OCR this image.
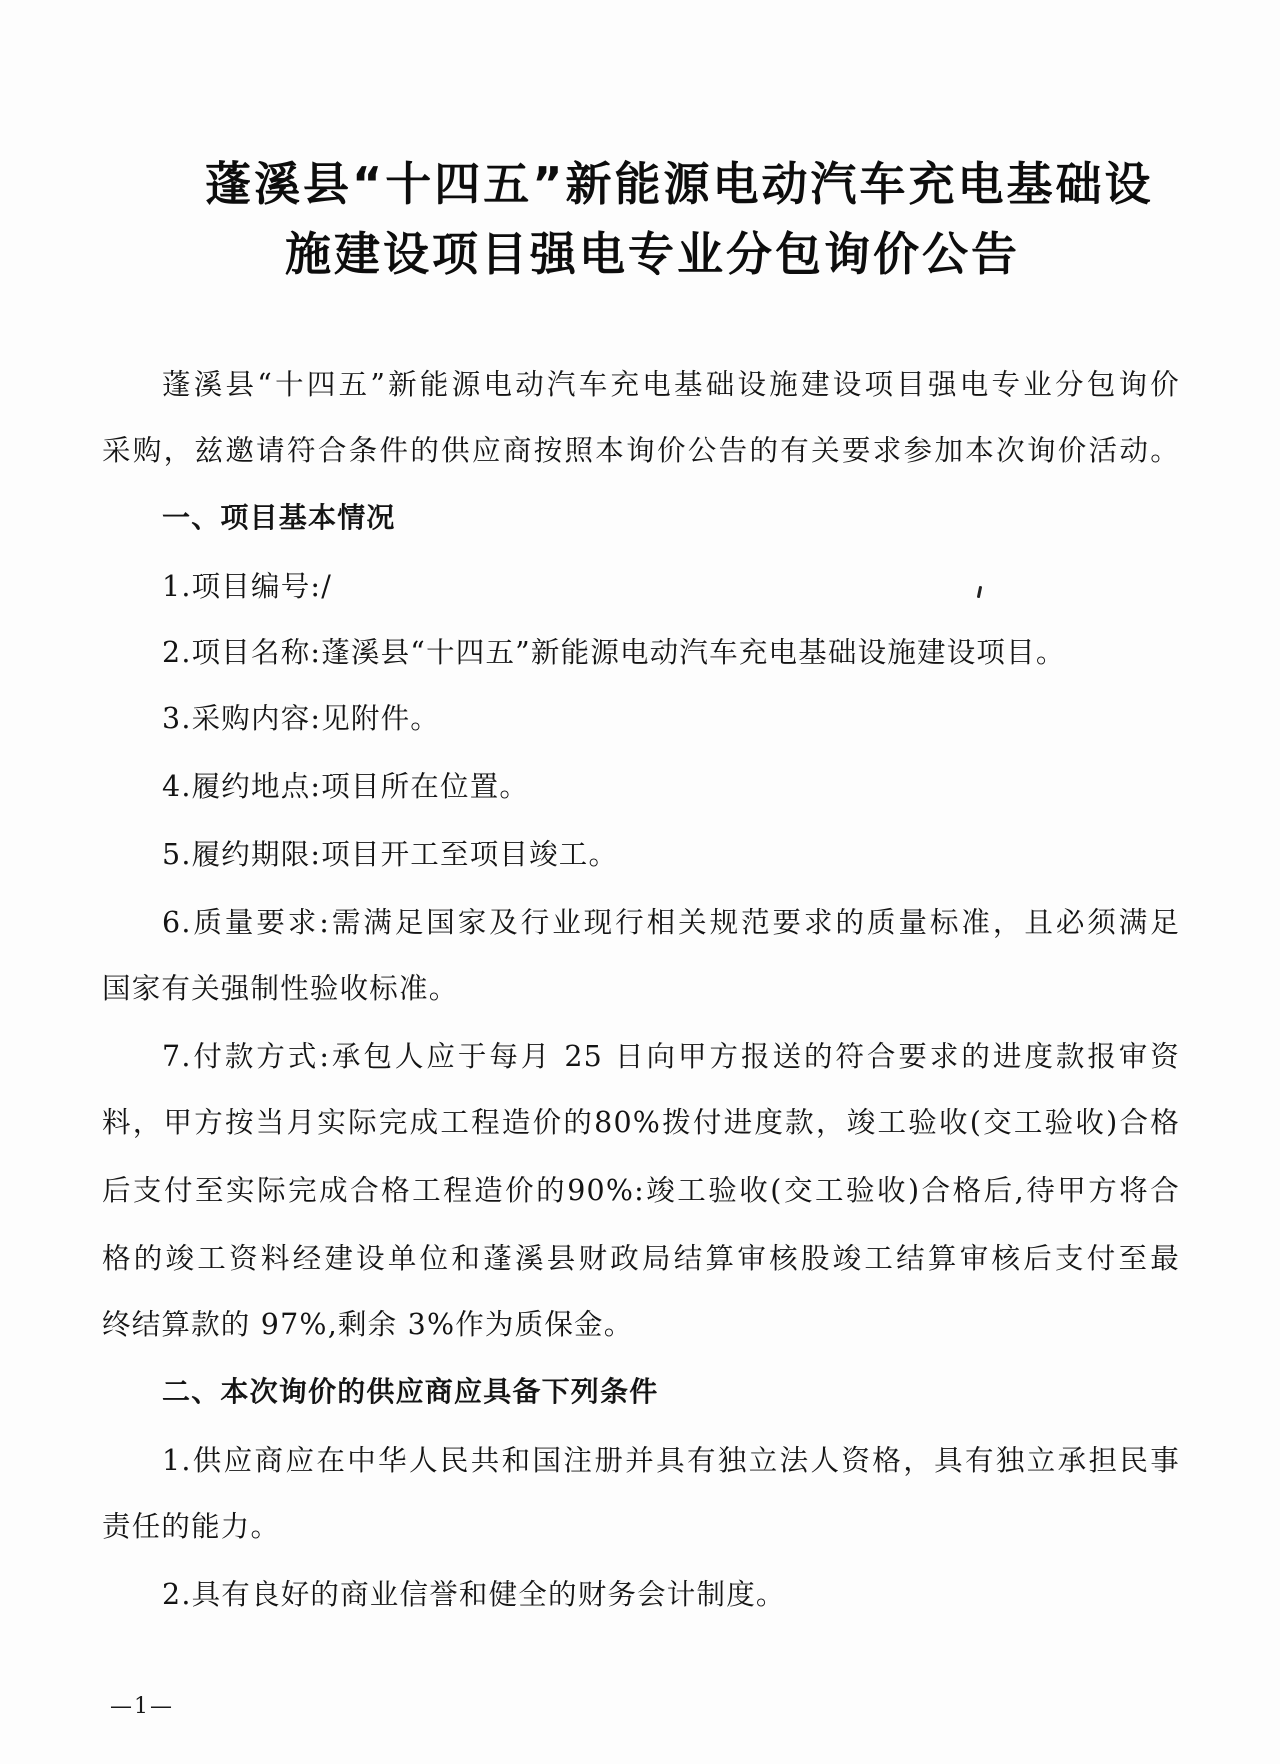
蓬溪县“十四五”新能源电动汽车充电基础设
施建设项目强电专业分包询价公告
蓬溪县“十四五”新能源电动汽车充电基础设施建设项目强电专业分包询价
采购，兹邀请符合条件的供应商按照本询价公告的有关要求参加本次询价活动。
一、项目基本情况
1.项目编号:/
2.项目名称:蓬溪县“十四五”新能源电动汽车充电基础设施建设项目。
3.采购内容:见附件。
4.履约地点:项目所在位置。
5.履约期限:项目开工至项目竣工。
6.质量要求:需满足国家及行业现行相关规范要求的质量标准，且必须满足
国家有关强制性验收标准。
7.付款方式:承包人应于每月 25 日向甲方报送的符合要求的进度款报审资
料，甲方按当月实际完成工程造价的80%拨付进度款，竣工验收(交工验收)合格
后支付至实际完成合格工程造价的90%:竣工验收(交工验收)合格后,待甲方将合
格的竣工资料经建设单位和蓬溪县财政局结算审核股竣工结算审核后支付至最
终结算款的 97%,剩余 3%作为质保金。
二、本次询价的供应商应具备下列条件
1.供应商应在中华人民共和国注册并具有独立法人资格，具有独立承担民事
责任的能力。
2.具有良好的商业信誉和健全的财务会计制度。
—1—
